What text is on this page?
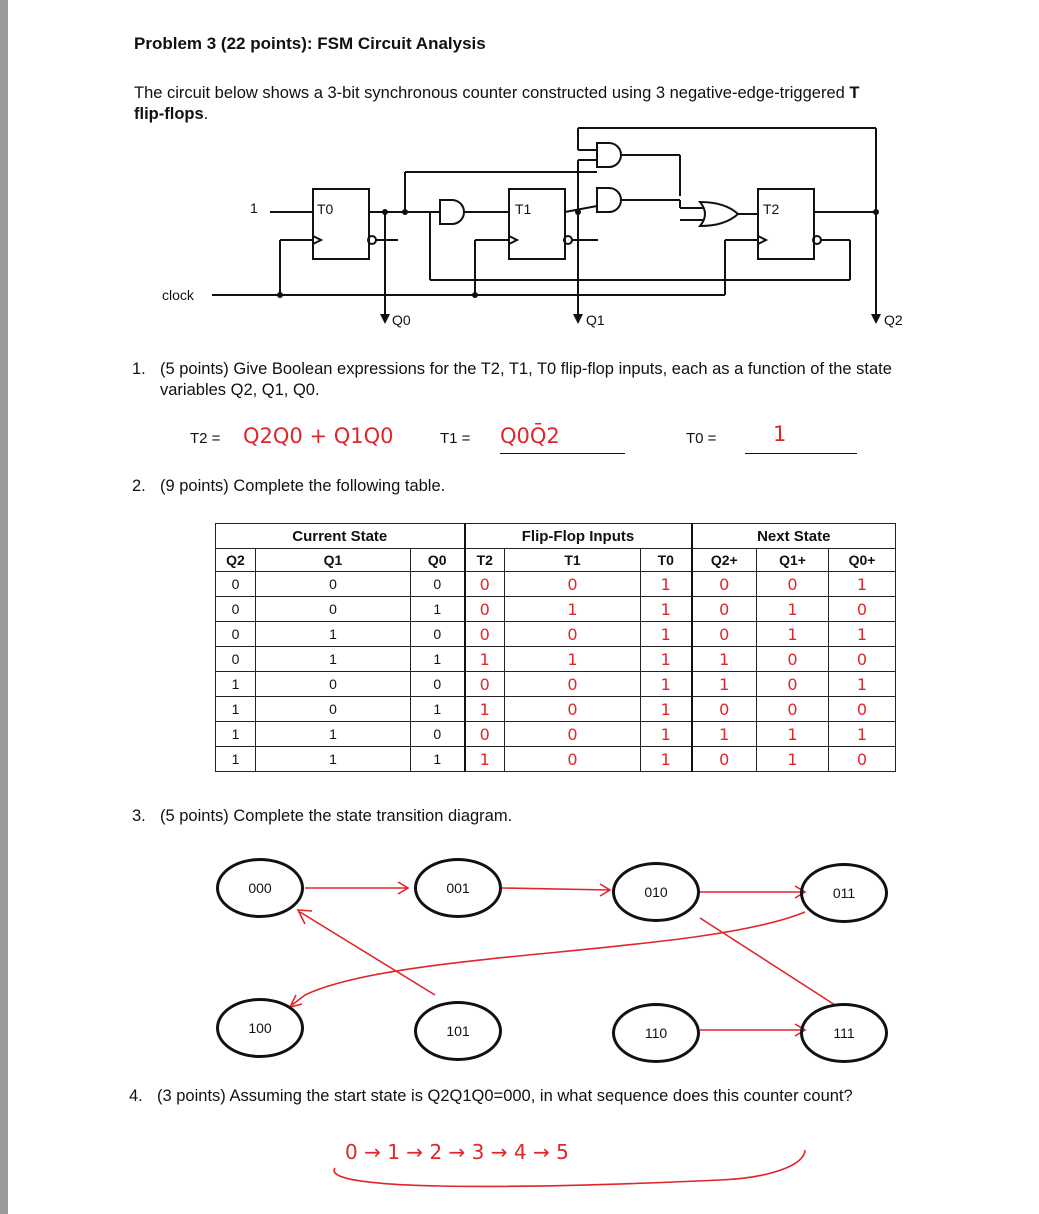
Problem 3 (22 points): FSM Circuit Analysis
The circuit below shows a 3-bit synchronous counter constructed using 3 negative-edge-triggered T flip-flops.
1	T0	T1	T2
clock
Q0	Q1	Q2
1. (5 points) Give Boolean expressions for the T2, T1, T0 flip-flop inputs, each as a function of the state variables Q2, Q1, Q0.
T2 = Q2Q0 + Q1Q0	T1 = Q0Q̄2	T0 =	1
2. (9 points) Complete the following table.
Current State			Flip-Flop Inputs			Next State		
Q2	Q1	Q0	T2	T1	T0	Q2+	Q1+	Q0+
0	0	0	0	0	1	0	0	1
0	0	1	0	1	1	0	1	0
0	1	0	0	0	1	0	1	1
0	1	1	1	1	1	1	0	0
1	0	0	0	0	1	1	0	1
1	0	1	1	0	1	0	0	0
1	1	0	0	0	1	1	1	1
1	1	1	1	0	1	0	1	0
3. (5 points) Complete the state transition diagram.
000	001	010	011
100	101	110	111
4. (3 points) Assuming the start state is Q2Q1Q0=000, in what sequence does this counter count?
0 → 1 → 2 → 3 → 4 → 5
